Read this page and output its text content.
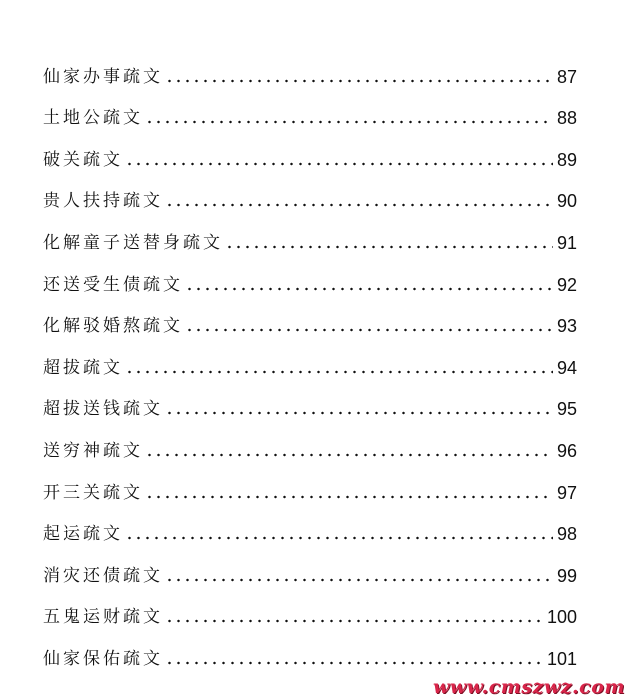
仙家办事疏文	87
土地公疏文	88
破关疏文	89
贵人扶持疏文	90
化解童子送替身疏文	91
还送受生债疏文	92
化解驳婚熬疏文	93
超拔疏文	94
超拔送钱疏文	95
送穷神疏文	96
开三关疏文	97
起运疏文	98
消灾还债疏文	99
五鬼运财疏文	100
仙家保佑疏文	101
www.cmszwz.com
